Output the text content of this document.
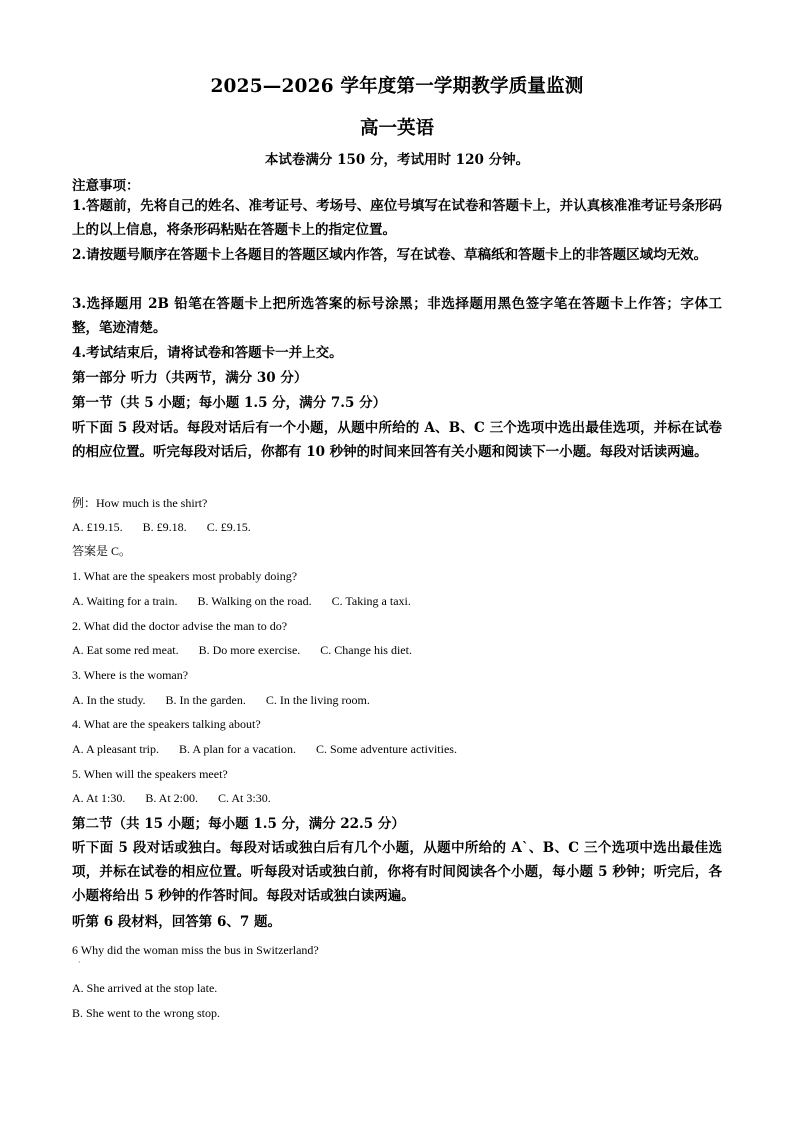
2025—2026 学年度第一学期教学质量监测
高一英语
本试卷满分 150 分，考试用时 120 分钟。
注意事项：
1.答题前，先将自己的姓名、准考证号、考场号、座位号填写在试卷和答题卡上，并认真核准准考证号条形码上的以上信息，将条形码粘贴在答题卡上的指定位置。
2.请按题号顺序在答题卡上各题目的答题区域内作答，写在试卷、草稿纸和答题卡上的非答题区域均无效。
3.选择题用 2B 铅笔在答题卡上把所选答案的标号涂黑；非选择题用黑色签字笔在答题卡上作答；字体工整，笔迹清楚。
4.考试结束后，请将试卷和答题卡一并上交。
第一部分 听力（共两节，满分 30 分）
第一节（共 5 小题；每小题 1.5 分，满分 7.5 分）
听下面 5 段对话。每段对话后有一个小题，从题中所给的 A、B、C 三个选项中选出最佳选项，并标在试卷的相应位置。听完每段对话后，你都有 10 秒钟的时间来回答有关小题和阅读下一小题。每段对话读两遍。
例：How much is the shirt?
A. £19.15. B. £9.18. C. £9.15.
答案是 C。
1. What are the speakers most probably doing?
A. Waiting for a train. B. Walking on the road. C. Taking a taxi.
2. What did the doctor advise the man to do?
A. Eat some red meat. B. Do more exercise. C. Change his diet.
3. Where is the woman?
A. In the study. B. In the garden. C. In the living room.
4. What are the speakers talking about?
A. A pleasant trip. B. A plan for a vacation. C. Some adventure activities.
5. When will the speakers meet?
A. At 1:30. B. At 2:00. C. At 3:30.
第二节（共 15 小题；每小题 1.5 分，满分 22.5 分）
听下面 5 段对话或独白。每段对话或独白后有几个小题，从题中所给的 A`、B、C 三个选项中选出最佳选项，并标在试卷的相应位置。听每段对话或独白前，你将有时间阅读各个小题，每小题 5 秒钟；听完后，各小题将给出 5 秒钟的作答时间。每段对话或独白读两遍。
听第 6 段材料，回答第 6、7 题。
6 Why did the woman miss the bus in Switzerland?
·
A. She arrived at the stop late.
B. She went to the wrong stop.
